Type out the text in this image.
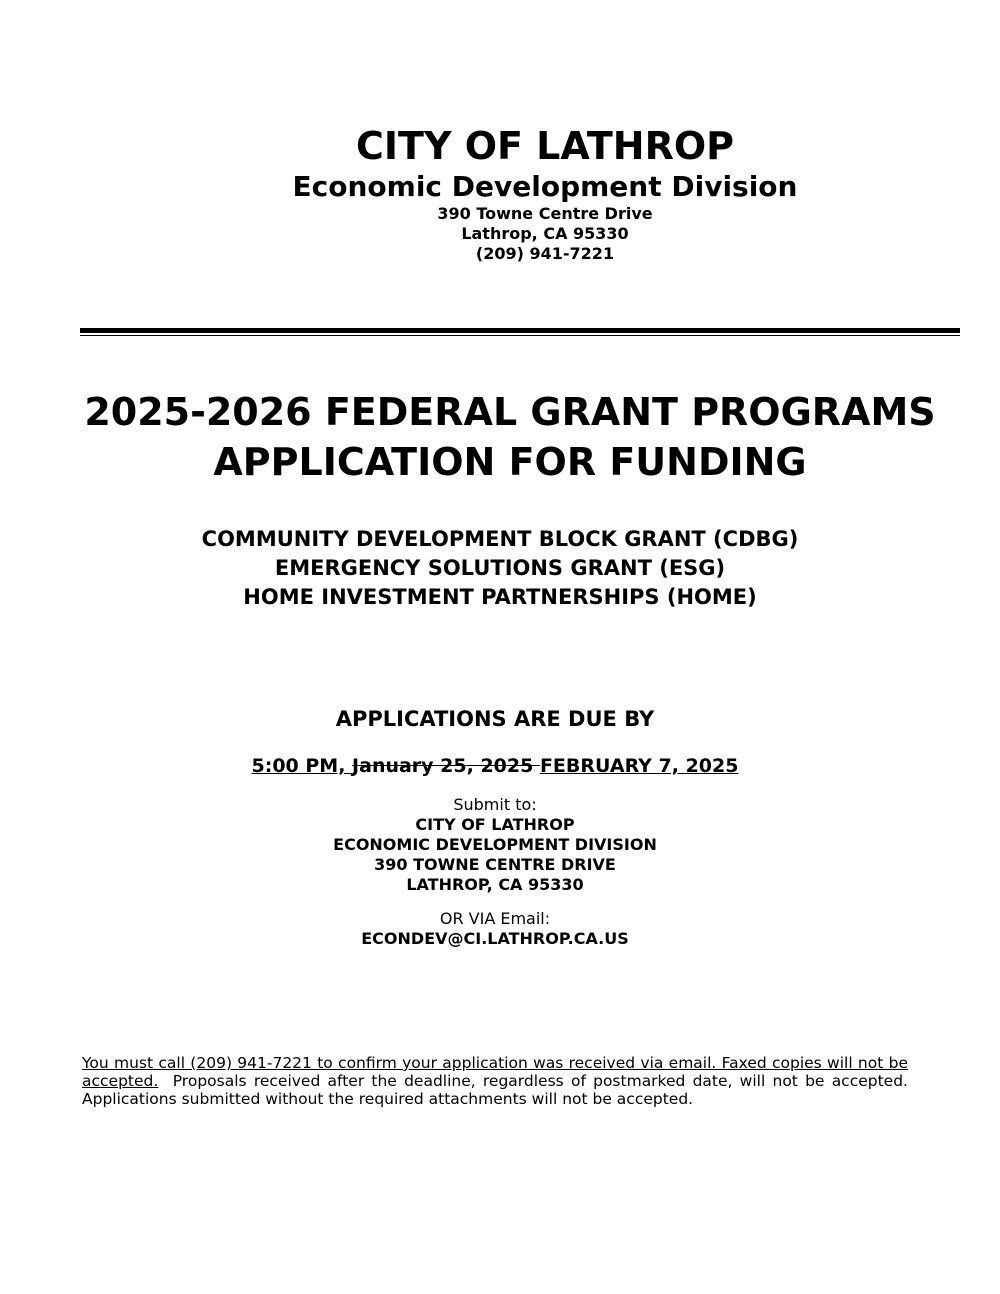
CITY OF LATHROP
Economic Development Division
390 Towne Centre Drive
Lathrop, CA 95330
(209) 941-7221
2025-2026 FEDERAL GRANT PROGRAMS
APPLICATION FOR FUNDING
COMMUNITY DEVELOPMENT BLOCK GRANT (CDBG)
EMERGENCY SOLUTIONS GRANT (ESG)
HOME INVESTMENT PARTNERSHIPS (HOME)
APPLICATIONS ARE DUE BY
5:00 PM, January 25, 2025 FEBRUARY 7, 2025
Submit to:
CITY OF LATHROP
ECONOMIC DEVELOPMENT DIVISION
390 TOWNE CENTRE DRIVE
LATHROP, CA 95330
OR VIA Email:
ECONDEV@CI.LATHROP.CA.US
You must call (209) 941-7221 to confirm your application was received via email. Faxed copies will not be accepted.  Proposals received after the deadline, regardless of postmarked date, will not be accepted.  Applications submitted without the required attachments will not be accepted.
